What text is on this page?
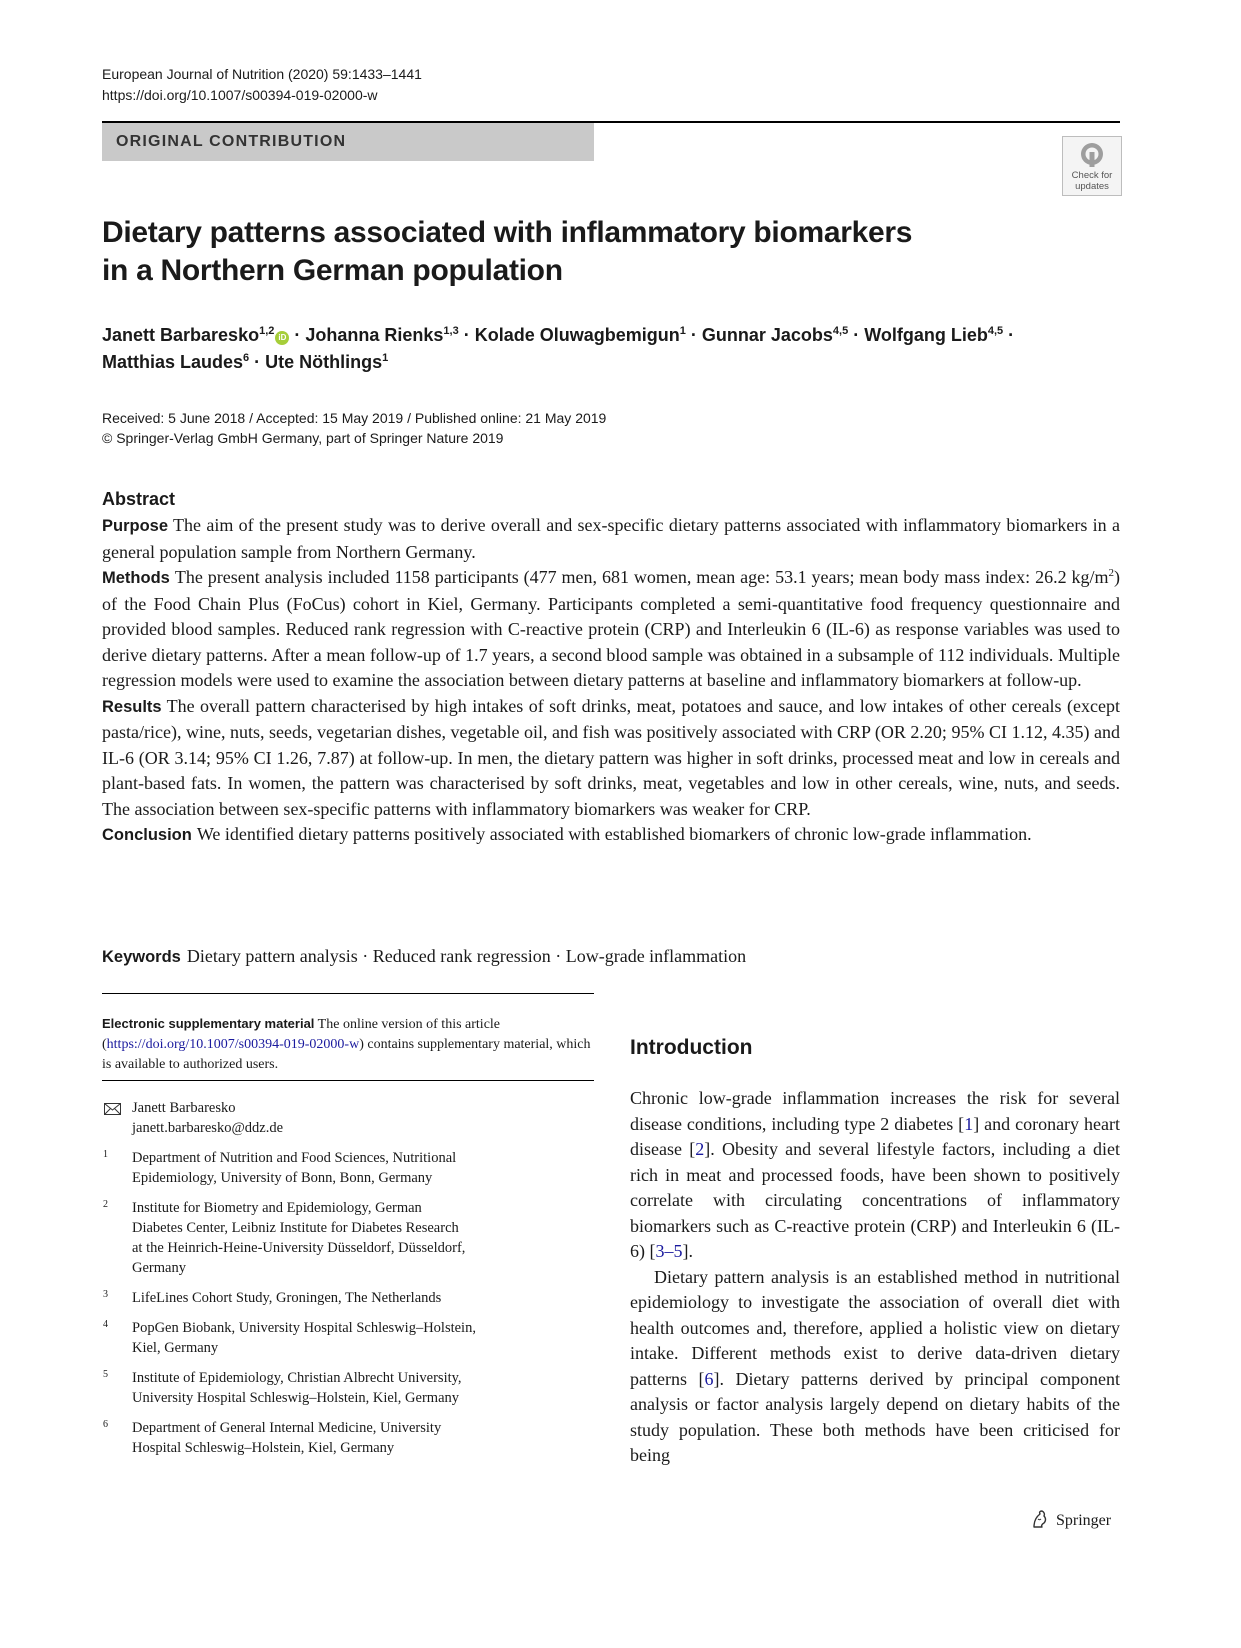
European Journal of Nutrition (2020) 59:1433–1441
https://doi.org/10.1007/s00394-019-02000-w
ORIGINAL CONTRIBUTION
Check for
updates
Dietary patterns associated with inflammatory biomarkers
in a Northern German population
Janett Barbaresko$^{1,2}$iD · Johanna Rienks$^{1,3}$ · Kolade Oluwagbemigun$^1$ · Gunnar Jacobs$^{4,5}$ · Wolfgang Lieb$^{4,5}$ ·
Matthias Laudes$^6$ · Ute Nöthlings$^1$
Received: 5 June 2018 / Accepted: 15 May 2019 / Published online: 21 May 2019
© Springer-Verlag GmbH Germany, part of Springer Nature 2019
Abstract

Purpose The aim of the present study was to derive overall and sex-specific dietary patterns associated with inflammatory biomarkers in a general population sample from Northern Germany.

Methods The present analysis included 1158 participants (477 men, 681 women, mean age: 53.1 years; mean body mass index: 26.2 $kg/m^2$) of the Food Chain Plus (FoCus) cohort in Kiel, Germany. Participants completed a semi-quantitative food frequency questionnaire and provided blood samples. Reduced rank regression with C-reactive protein (CRP) and Interleukin 6 (IL-6) as response variables was used to derive dietary patterns. After a mean follow-up of 1.7 years, a second blood sample was obtained in a subsample of 112 individuals. Multiple regression models were used to examine the association between dietary patterns at baseline and inflammatory biomarkers at follow-up.

Results The overall pattern characterised by high intakes of soft drinks, meat, potatoes and sauce, and low intakes of other cereals (except pasta/rice), wine, nuts, seeds, vegetarian dishes, vegetable oil, and fish was positively associated with CRP (OR 2.20; 95% CI 1.12, 4.35) and IL-6 (OR 3.14; 95% CI 1.26, 7.87) at follow-up. In men, the dietary pattern was higher in soft drinks, processed meat and low in cereals and plant-based fats. In women, the pattern was characterised by soft drinks, meat, vegetables and low in other cereals, wine, nuts, and seeds. The association between sex-specific patterns with inflammatory biomarkers was weaker for CRP.

Conclusion We identified dietary patterns positively associated with established biomarkers of chronic low-grade inflammation.

Keywords Dietary pattern analysis · Reduced rank regression · Low-grade inflammation
Electronic supplementary material The online version of this article (https://doi.org/10.1007/s00394-019-02000-w) contains supplementary material, which is available to authorized users.
Janett Barbaresko
janett.barbaresko@ddz.de
1 Department of Nutrition and Food Sciences, Nutritional
Epidemiology, University of Bonn, Bonn, Germany
2 Institute for Biometry and Epidemiology, German
Diabetes Center, Leibniz Institute for Diabetes Research
at the Heinrich-Heine-University Düsseldorf, Düsseldorf,
Germany
3 LifeLines Cohort Study, Groningen, The Netherlands
4 PopGen Biobank, University Hospital Schleswig–Holstein,
Kiel, Germany
5 Institute of Epidemiology, Christian Albrecht University,
University Hospital Schleswig–Holstein, Kiel, Germany
6 Department of General Internal Medicine, University
Hospital Schleswig–Holstein, Kiel, Germany
Introduction

Chronic low-grade inflammation increases the risk for several disease conditions, including type 2 diabetes [1] and coronary heart disease [2]. Obesity and several lifestyle factors, including a diet rich in meat and processed foods, have been shown to positively correlate with circulating concentrations of inflammatory biomarkers such as C-reactive protein (CRP) and Interleukin 6 (IL-6) [3–5].

Dietary pattern analysis is an established method in nutritional epidemiology to investigate the association of overall diet with health outcomes and, therefore, applied a holistic view on dietary intake. Different methods exist to derive data-driven dietary patterns [6]. Dietary patterns derived by principal component analysis or factor analysis largely depend on dietary habits of the study population. These both methods have been criticised for being

Springer
